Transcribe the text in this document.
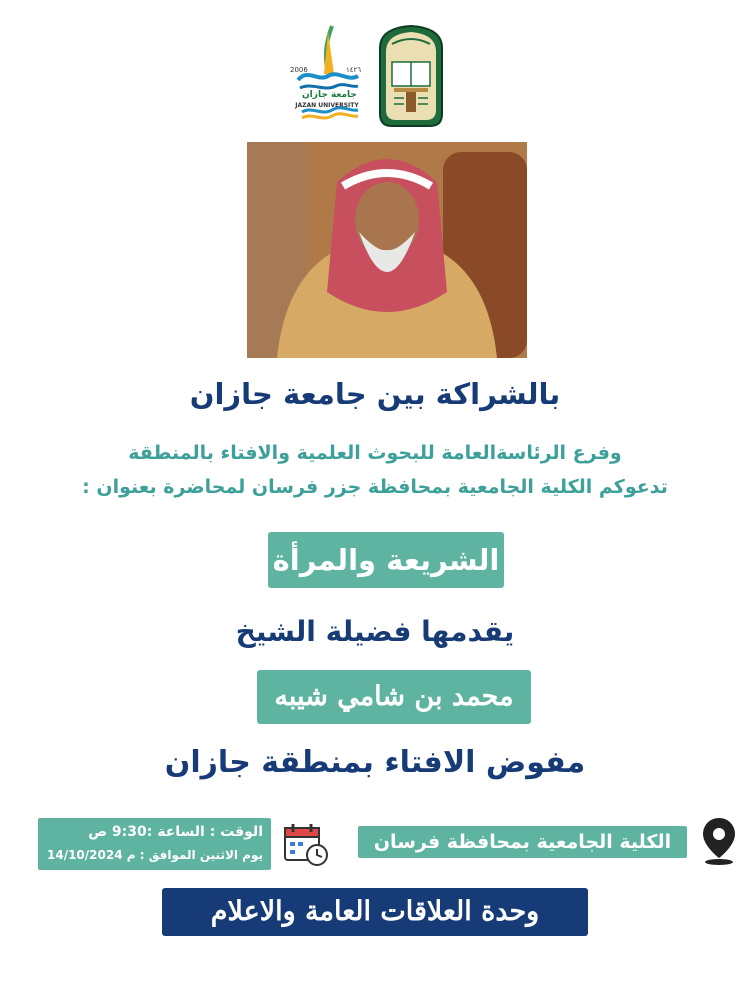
2006	١٤٢٦
جامعة جازان
JAZAN UNIVERSITY
بالشراكة بين جامعة جازان
وفرع الرئاسةالعامة للبحوث العلمية والافتاء بالمنطقة
تدعوكم الكلية الجامعية بمحافظة جزر فرسان لمحاضرة بعنوان :
الشريعة والمرأة
يقدمها فضيلة الشيخ
محمد بن شامي شيبه
مفوض الافتاء بمنطقة جازان
الوقت : الساعة :9:30 ص
يوم الاثنين الموافق : م 14/10/2024
الكلية الجامعية بمحافظة فرسان
وحدة العلاقات العامة والاعلام الجامعي
